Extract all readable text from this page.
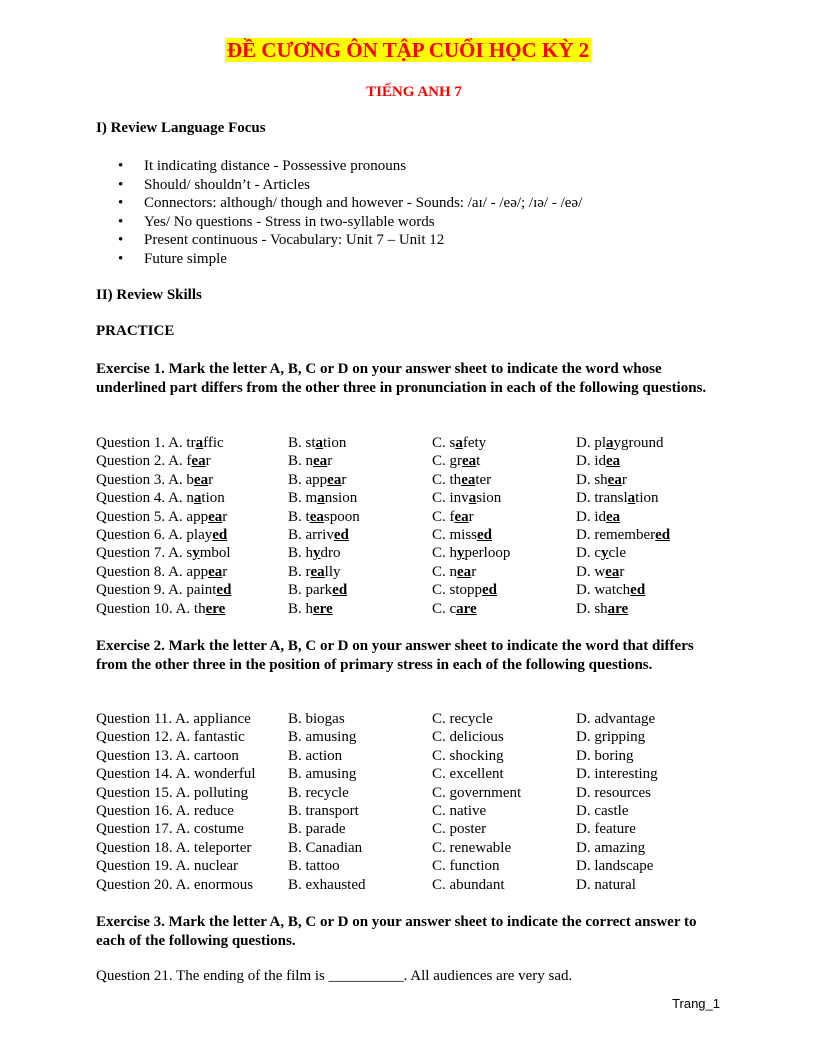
ĐỀ CƯƠNG ÔN TẬP CUỐI HỌC KỲ 2
TIẾNG ANH 7
I) Review Language Focus
• It indicating distance - Possessive pronouns
• Should/ shouldn’t - Articles
• Connectors: although/ though and however - Sounds: /aɪ/ - /eə/; /ɪə/ - /eə/
• Yes/ No questions - Stress in two-syllable words
• Present continuous - Vocabulary: Unit 7 – Unit 12
• Future simple
II) Review Skills
PRACTICE
Exercise 1. Mark the letter A, B, C or D on your answer sheet to indicate the word whose underlined part differs from the other three in pronunciation in each of the following questions.
Question 1. A. traffic	B. station	C. safety	D. playground
Question 2. A. fear	B. near	C. great	D. idea
Question 3. A. bear	B. appear	C. theater	D. shear
Question 4. A. nation	B. mansion	C. invasion	D. translation
Question 5. A. appear	B. teaspoon	C. fear	D. idea
Question 6. A. played	B. arrived	C. missed	D. remembered
Question 7. A. symbol	B. hydro	C. hyperloop	D. cycle
Question 8. A. appear	B. really	C. near	D. wear
Question 9. A. painted	B. parked	C. stopped	D. watched
Question 10. A. there	B. here	C. care	D. share
Exercise 2. Mark the letter A, B, C or D on your answer sheet to indicate the word that differs from the other three in the position of primary stress in each of the following questions.
Question 11. A. appliance B. biogas	C. recycle	D. advantage
Question 12. A. fantastic	B. amusing	C. delicious	D. gripping
Question 13. A. cartoon	B. action	C. shocking	D. boring
Question 14. A. wonderful B. amusing	C. excellent	D. interesting
Question 15. A. polluting	B. recycle	C. government	D. resources
Question 16. A. reduce	B. transport	C. native	D. castle
Question 17. A. costume	B. parade	C. poster	D. feature
Question 18. A. teleporter B. Canadian	C. renewable	D. amazing
Question 19. A. nuclear	B. tattoo	C. function	D. landscape
Question 20. A. enormous B. exhausted	C. abundant	D. natural
Exercise 3. Mark the letter A, B, C or D on your answer sheet to indicate the correct answer to each of the following questions.
Question 21. The ending of the film is __________. All audiences are very sad.
Trang_1
